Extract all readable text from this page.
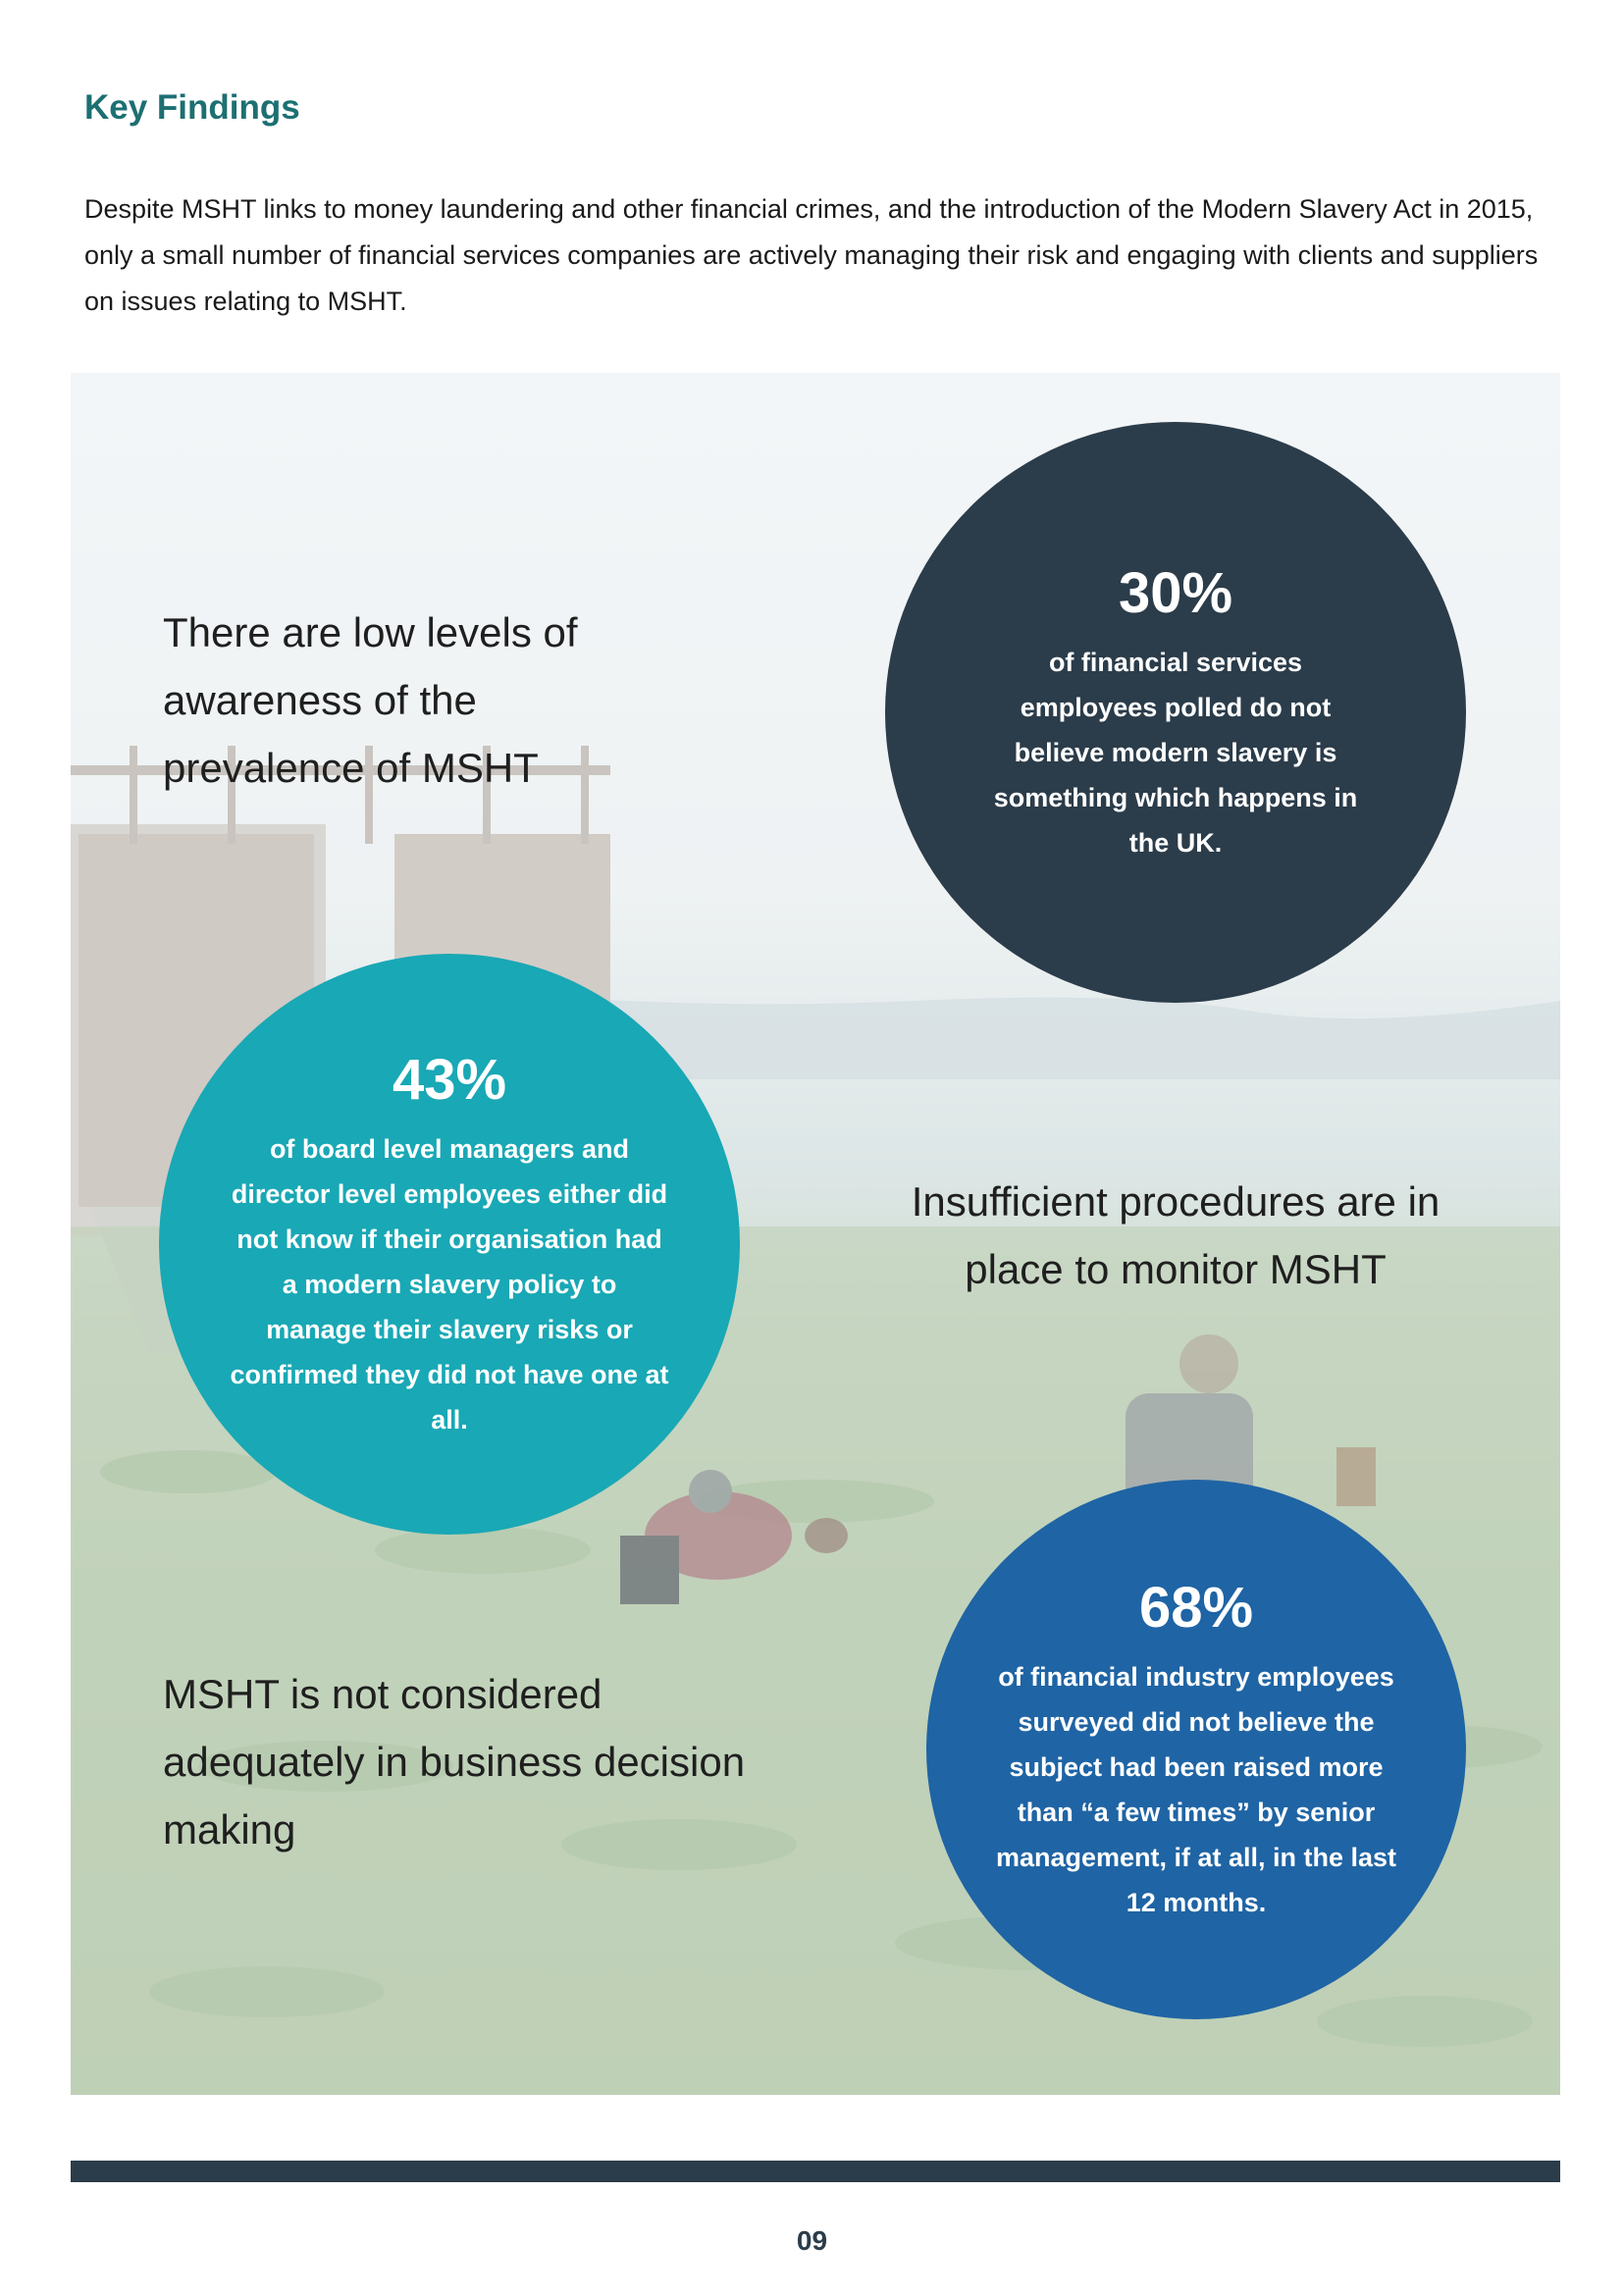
Key Findings

Despite MSHT links to money laundering and other financial crimes, and the introduction of the Modern Slavery Act in 2015, only a small number of financial services companies are actively managing their risk and engaging with clients and suppliers on issues relating to MSHT.

There are low levels of awareness of the prevalence of MSHT
Insufficient procedures are in place to monitor MSHT
MSHT is not considered adequately in business decision making
30%
of financial services employees polled do not believe modern slavery is something which happens in the UK.
43%
of board level managers and director level employees either did not know if their organisation had a modern slavery policy to manage their slavery risks or confirmed they did not have one at all.
68%
of financial industry employees surveyed did not believe the subject had been raised more than “a few times” by senior management, if at all, in the last 12 months.
09
